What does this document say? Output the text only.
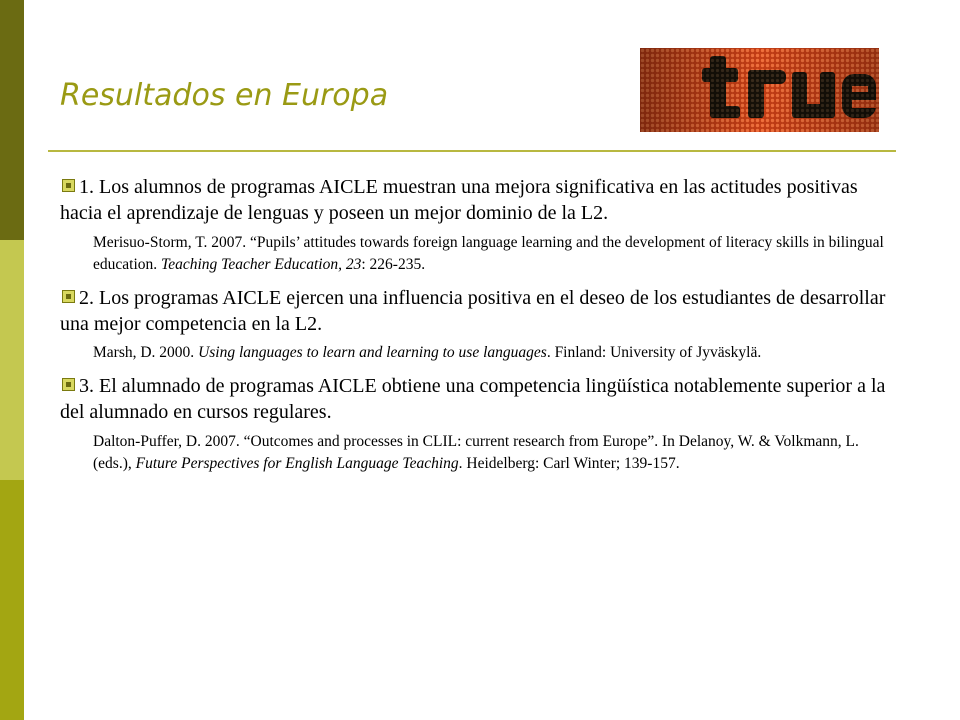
Resultados en Europa

1. Los alumnos de programas AICLE muestran una mejora significativa en las actitudes positivas hacia el aprendizaje de lenguas y poseen un mejor dominio de la L2.

Merisuo-Storm, T. 2007. “Pupils’ attitudes towards foreign language learning and the development of literacy skills in bilingual education. Teaching Teacher Education, 23: 226-235.

2. Los programas AICLE ejercen una influencia positiva en el deseo de los estudiantes de desarrollar una mejor competencia en la L2.

Marsh, D. 2000. Using languages to learn and learning to use languages. Finland: University of Jyväskylä.

3. El alumnado de programas AICLE obtiene una competencia lingüística notablemente superior a la del alumnado en cursos regulares.

Dalton-Puffer, D. 2007. “Outcomes and processes in CLIL: current research from Europe”. In Delanoy, W. & Volkmann, L. (eds.), Future Perspectives for English Language Teaching. Heidelberg: Carl Winter; 139-157.
